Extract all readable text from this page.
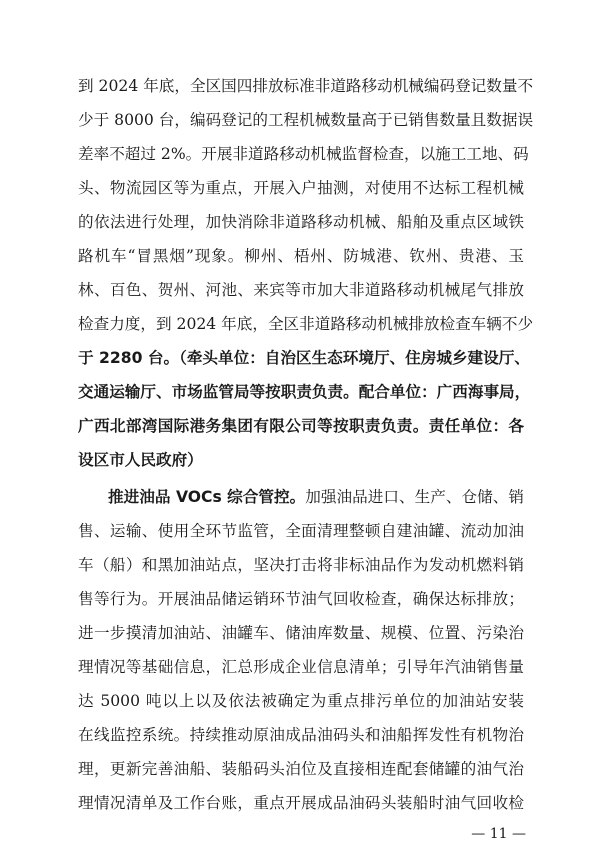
到 2024 年底，全区国四排放标准非道路移动机械编码登记数量不
少于 8000 台，编码登记的工程机械数量高于已销售数量且数据误
差率不超过 2%。开展非道路移动机械监督检查，以施工工地、码
头、物流园区等为重点，开展入户抽测，对使用不达标工程机械
的依法进行处理，加快消除非道路移动机械、船舶及重点区域铁
路机车“冒黑烟”现象。柳州、梧州、防城港、钦州、贵港、玉
林、百色、贺州、河池、来宾等市加大非道路移动机械尾气排放
检查力度，到 2024 年底，全区非道路移动机械排放检查车辆不少
于 2280 台。（牵头单位：自治区生态环境厅、住房城乡建设厅、
交通运输厅、市场监管局等按职责负责。配合单位：广西海事局，
广西北部湾国际港务集团有限公司等按职责负责。责任单位：各
设区市人民政府）
推进油品 VOCs 综合管控。加强油品进口、生产、仓储、销
售、运输、使用全环节监管，全面清理整顿自建油罐、流动加油
车（船）和黑加油站点，坚决打击将非标油品作为发动机燃料销
售等行为。开展油品储运销环节油气回收检查，确保达标排放；
进一步摸清加油站、油罐车、储油库数量、规模、位置、污染治
理情况等基础信息，汇总形成企业信息清单；引导年汽油销售量
达 5000 吨以上以及依法被确定为重点排污单位的加油站安装
在线监控系统。持续推动原油成品油码头和油船挥发性有机物治
理，更新完善油船、装船码头泊位及直接相连配套储罐的油气治
理情况清单及工作台账，重点开展成品油码头装船时油气回收检
— 11 —
